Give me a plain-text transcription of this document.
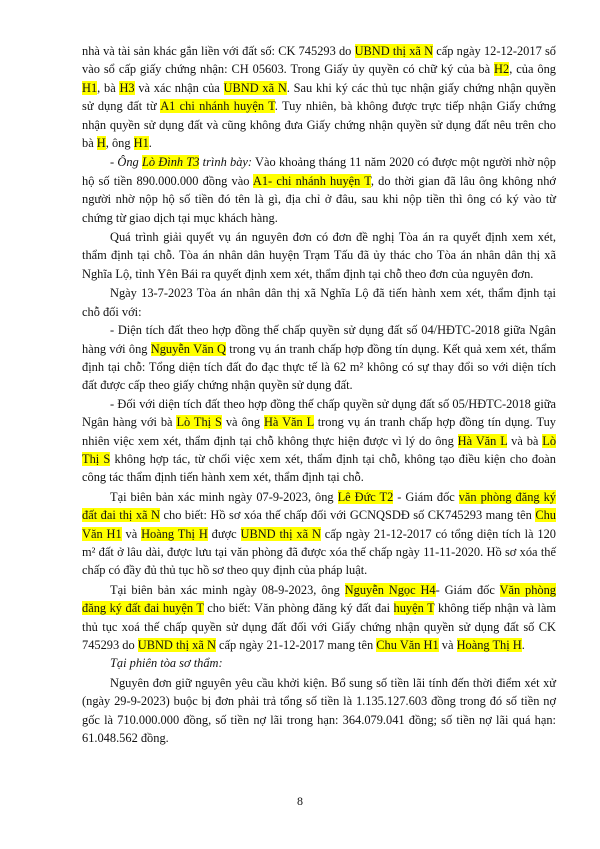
nhà và tài sản khác gắn liền với đất số: CK 745293 do UBND thị xã N cấp ngày 12-12-2017 số vào sổ cấp giấy chứng nhận: CH 05603. Trong Giấy ủy quyền có chữ ký của bà H2, của ông H1, bà H3 và xác nhận của UBND xã N. Sau khi ký các thủ tục nhận giấy chứng nhận quyền sử dụng đất từ A1 chi nhánh huyện T. Tuy nhiên, bà không được trực tiếp nhận Giấy chứng nhận quyền sử dụng đất và cũng không đưa Giấy chứng nhận quyền sử dụng đất nêu trên cho bà H, ông H1.

- Ông Lò Đình T3 trình bày: Vào khoảng tháng 11 năm 2020 có được một người nhờ nộp hộ số tiền 890.000.000 đồng vào A1- chi nhánh huyện T, do thời gian đã lâu ông không nhớ người nhờ nộp hộ số tiền đó tên là gì, địa chỉ ở đâu, sau khi nộp tiền thì ông có ký vào từ chứng từ giao dịch tại mục khách hàng.

Quá trình giải quyết vụ án nguyên đơn có đơn đề nghị Tòa án ra quyết định xem xét, thẩm định tại chỗ. Tòa án nhân dân huyện Trạm Tấu đã ủy thác cho Tòa án nhân dân thị xã Nghĩa Lộ, tỉnh Yên Bái ra quyết định xem xét, thẩm định tại chỗ theo đơn của nguyên đơn.

Ngày 13-7-2023 Tòa án nhân dân thị xã Nghĩa Lộ đã tiến hành xem xét, thẩm định tại chỗ đối với:

- Diện tích đất theo hợp đồng thế chấp quyền sử dụng đất số 04/HĐTC-2018 giữa Ngân hàng với ông Nguyễn Văn Q trong vụ án tranh chấp hợp đồng tín dụng. Kết quả xem xét, thẩm định tại chỗ: Tổng diện tích đất đo đạc thực tế là 62 m² không có sự thay đổi so với diện tích đất được cấp theo giấy chứng nhận quyền sử dụng đất.

- Đối với diện tích đất theo hợp đồng thế chấp quyền sử dụng đất số 05/HĐTC-2018 giữa Ngân hàng với bà Lò Thị S và ông Hà Văn L trong vụ án tranh chấp hợp đồng tín dụng. Tuy nhiên việc xem xét, thẩm định tại chỗ không thực hiện được vì lý do ông Hà Văn L và bà Lò Thị S không hợp tác, từ chối việc xem xét, thẩm định tại chỗ, không tạo điều kiện cho đoàn công tác thẩm định tiến hành xem xét, thẩm định tại chỗ.

Tại biên bản xác minh ngày 07-9-2023, ông Lê Đức T2 - Giám đốc văn phòng đăng ký đất đai thị xã N cho biết: Hồ sơ xóa thế chấp đối với GCNQSDĐ số CK745293 mang tên Chu Văn H1 và Hoàng Thị H được UBND thị xã N cấp ngày 21-12-2017 có tổng diện tích là 120 m² đất ở lâu dài, được lưu tại văn phòng đã được xóa thế chấp ngày 11-11-2020. Hồ sơ xóa thế chấp có đầy đủ thủ tục hồ sơ theo quy định của pháp luật.

Tại biên bản xác minh ngày 08-9-2023, ông Nguyễn Ngọc H4- Giám đốc Văn phòng đăng ký đất đai huyện T cho biết: Văn phòng đăng ký đất đai huyện T không tiếp nhận và làm thủ tục xoá thế chấp quyền sử dụng đất đối với Giấy chứng nhận quyền sử dụng đất số CK 745293 do UBND thị xã N cấp ngày 21-12-2017 mang tên Chu Văn H1 và Hoàng Thị H.

Tại phiên tòa sơ thẩm:

Nguyên đơn giữ nguyên yêu cầu khởi kiện. Bổ sung số tiền lãi tính đến thời điểm xét xử (ngày 29-9-2023) buộc bị đơn phải trả tổng số tiền là 1.135.127.603 đồng trong đó số tiền nợ gốc là 710.000.000 đồng, số tiền nợ lãi trong hạn: 364.079.041 đồng; số tiền nợ lãi quá hạn: 61.048.562 đồng.

8
